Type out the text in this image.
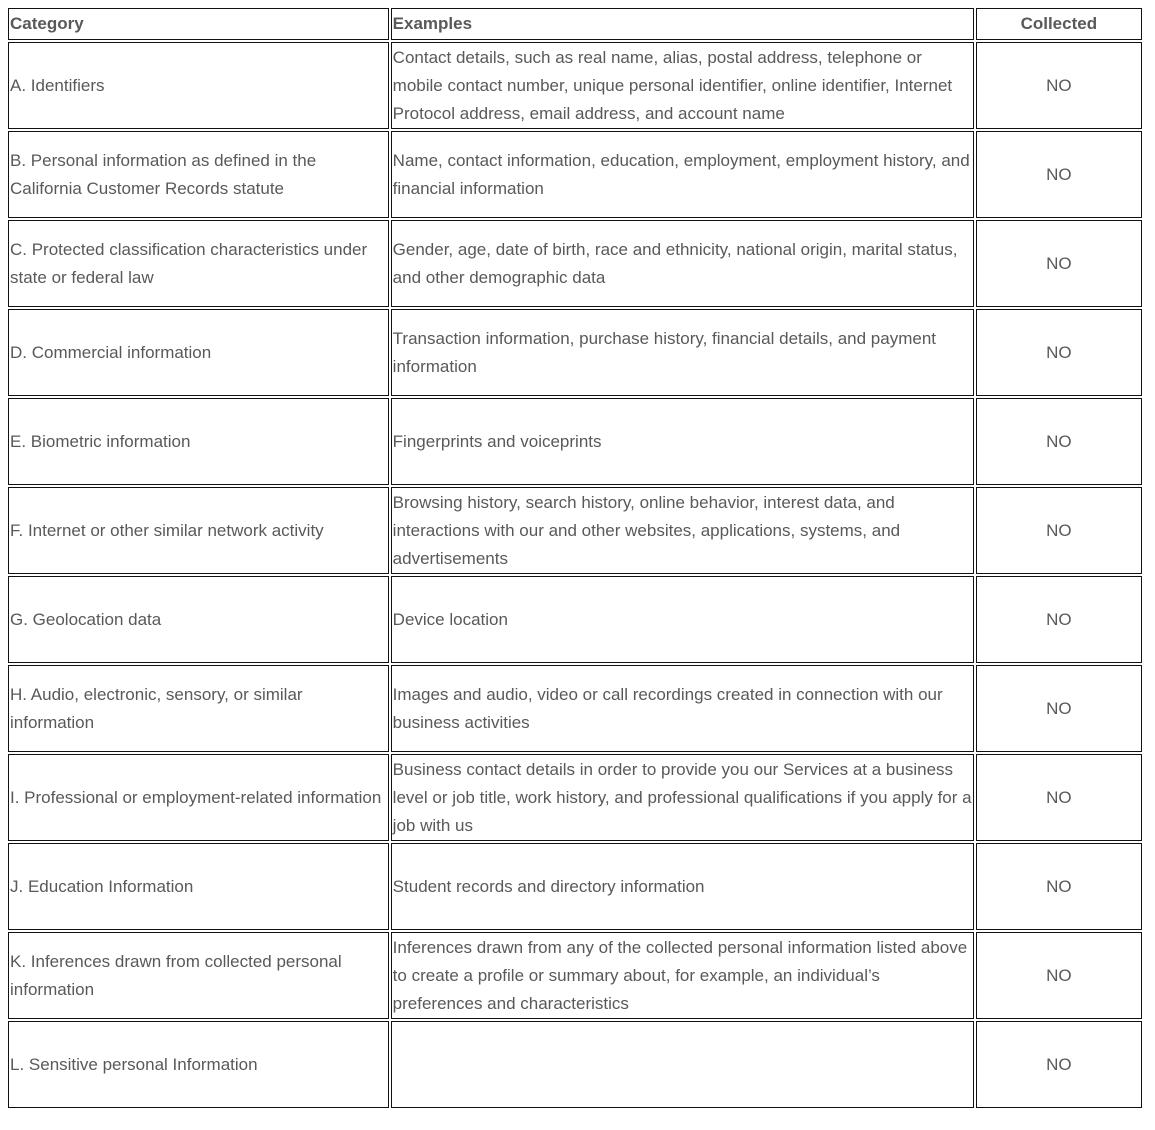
Category	Examples	Collected
A. Identifiers	Contact details, such as real name, alias, postal address, telephone or mobile contact number, unique personal identifier, online identifier, Internet Protocol address, email address, and account name	NO
B. Personal information as defined in the California Customer Records statute	Name, contact information, education, employment, employment history, and financial information	NO
C. Protected classification characteristics under state or federal law	Gender, age, date of birth, race and ethnicity, national origin, marital status, and other demographic data	NO
D. Commercial information	Transaction information, purchase history, financial details, and payment information	NO
E. Biometric information	Fingerprints and voiceprints	NO
F. Internet or other similar network activity	Browsing history, search history, online behavior, interest data, and interactions with our and other websites, applications, systems, and advertisements	NO
G. Geolocation data	Device location	NO
H. Audio, electronic, sensory, or similar information	Images and audio, video or call recordings created in connection with our business activities	NO
I. Professional or employment-related information	Business contact details in order to provide you our Services at a business level or job title, work history, and professional qualifications if you apply for a job with us	NO
J. Education Information	Student records and directory information	NO
K. Inferences drawn from collected personal information	Inferences drawn from any of the collected personal information listed above to create a profile or summary about, for example, an individual’s preferences and characteristics	NO
L. Sensitive personal Information		NO
